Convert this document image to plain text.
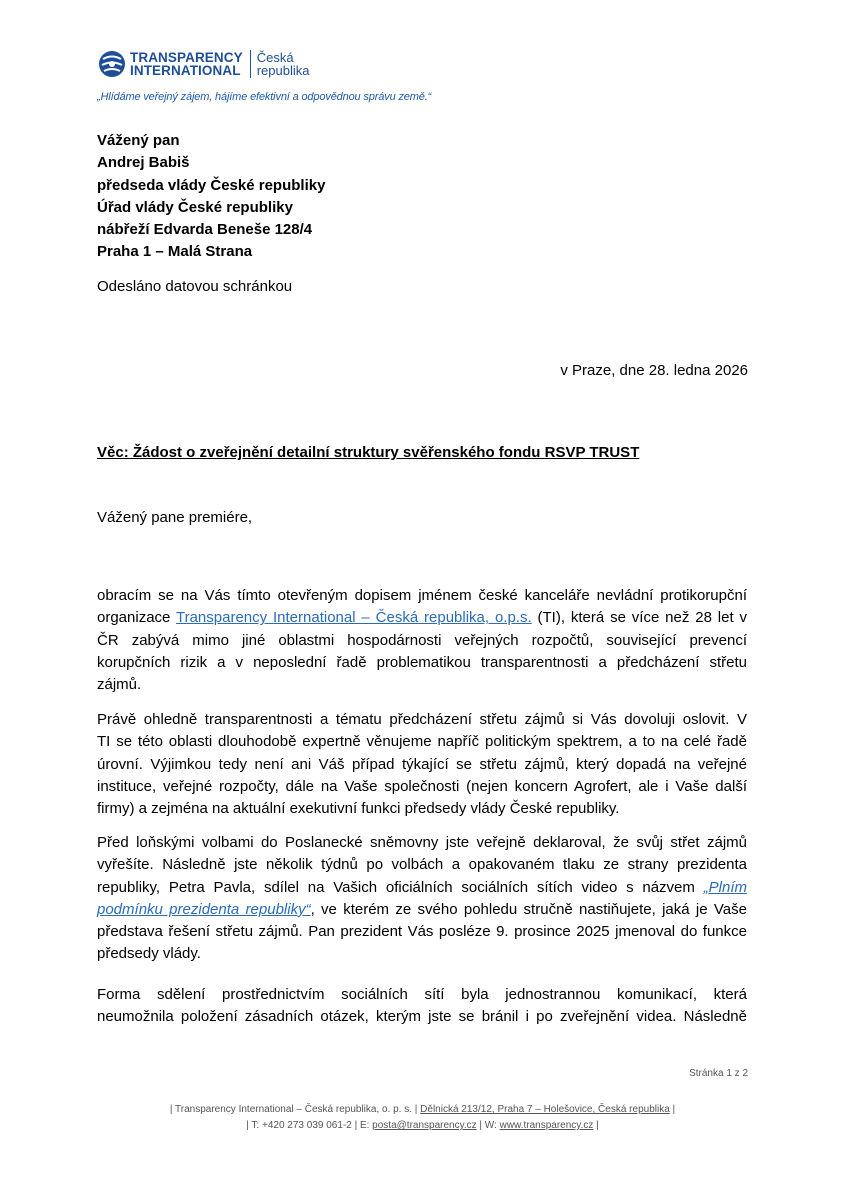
TRANSPARENCY
INTERNATIONAL
Česká
republika
„Hlídáme veřejný zájem, hájíme efektivní a odpovědnou správu země.“
Vážený pan
Andrej Babiš
předseda vlády České republiky
Úřad vlády České republiky
nábřeží Edvarda Beneše 128/4
Praha 1 – Malá Strana
Odesláno datovou schránkou
v Praze, dne 28. ledna 2026
Věc: Žádost o zveřejnění detailní struktury svěřenského fondu RSVP TRUST
Vážený pane premiére,
obracím se na Vás tímto otevřeným dopisem jménem české kanceláře nevládní protikorupční
organizace Transparency International – Česká republika, o.p.s. (TI), která se více než 28 let v
ČR zabývá mimo jiné oblastmi hospodárnosti veřejných rozpočtů, související prevencí
korupčních rizik a v neposlední řadě problematikou transparentnosti a předcházení střetu
zájmů.
Právě ohledně transparentnosti a tématu předcházení střetu zájmů si Vás dovoluji oslovit. V
TI se této oblasti dlouhodobě expertně věnujeme napříč politickým spektrem, a to na celé řadě
úrovní. Výjimkou tedy není ani Váš případ týkající se střetu zájmů, který dopadá na veřejné
instituce, veřejné rozpočty, dále na Vaše společnosti (nejen koncern Agrofert, ale i Vaše další
firmy) a zejména na aktuální exekutivní funkci předsedy vlády České republiky.
Před loňskými volbami do Poslanecké sněmovny jste veřejně deklaroval, že svůj střet zájmů
vyřešíte. Následně jste několik týdnů po volbách a opakovaném tlaku ze strany prezidenta
republiky, Petra Pavla, sdílel na Vašich oficiálních sociálních sítích video s názvem „Plním
podmínku prezidenta republiky“, ve kterém ze svého pohledu stručně nastiňujete, jaká je Vaše
představa řešení střetu zájmů. Pan prezident Vás posléze 9. prosince 2025 jmenoval do funkce
předsedy vlády.
Forma sdělení prostřednictvím sociálních sítí byla jednostrannou komunikací, která
neumožnila položení zásadních otázek, kterým jste se bránil i po zveřejnění videa. Následně
Stránka 1 z 2
| Transparency International – Česká republika, o. p. s. | Dělnická 213/12, Praha 7 – Holešovice, Česká republika |
| T: +420 273 039 061-2 | E: posta@transparency.cz | W: www.transparency.cz |
